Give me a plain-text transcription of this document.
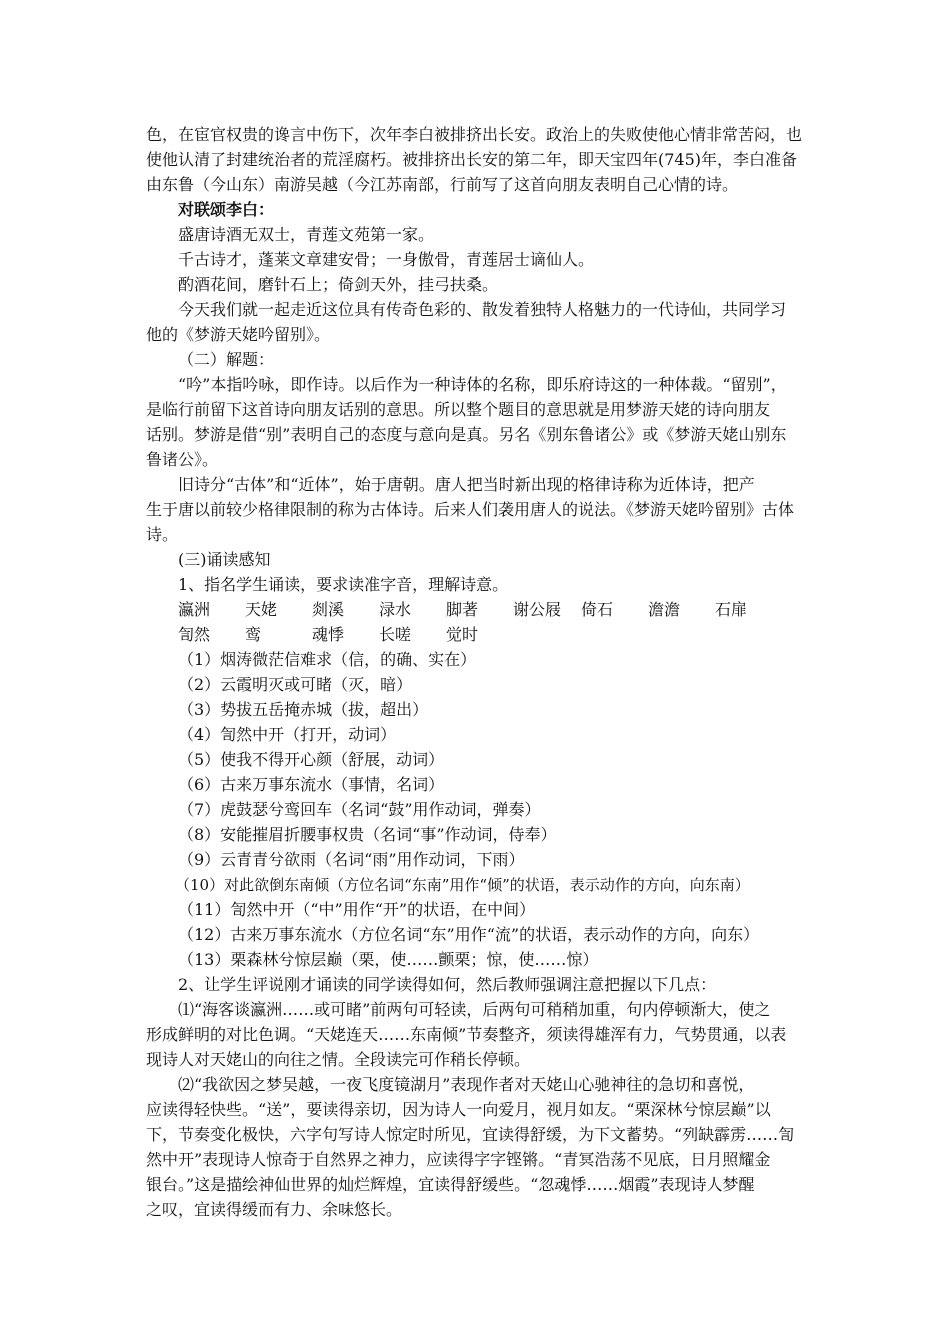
色，在宦官权贵的谗言中伤下，次年李白被排挤出长安。政治上的失败使他心情非常苦闷，也
使他认清了封建统治者的荒淫腐朽。被排挤出长安的第二年，即天宝四年(745)年，李白准备
由东鲁（今山东）南游吴越（今江苏南部，行前写了这首向朋友表明自己心情的诗。
对联颂李白：
盛唐诗酒无双士，青莲文苑第一家。
千古诗才，蓬莱文章建安骨；一身傲骨，青莲居士谪仙人。
酌酒花间，磨针石上；倚剑天外，挂弓扶桑。
今天我们就一起走近这位具有传奇色彩的、散发着独特人格魅力的一代诗仙，共同学习
他的《梦游天姥吟留别》。
（二）解题：
“吟”本指吟咏，即作诗。以后作为一种诗体的名称，即乐府诗这的一种体裁。“留别”，
是临行前留下这首诗向朋友话别的意思。所以整个题目的意思就是用梦游天姥的诗向朋友
话别。梦游是借“别”表明自己的态度与意向是真。另名《别东鲁诸公》或《梦游天姥山别东
鲁诸公》。
旧诗分“古体”和“近体”，始于唐朝。唐人把当时新出现的格律诗称为近体诗，把产
生于唐以前较少格律限制的称为古体诗。后来人们袭用唐人的说法。《梦游天姥吟留别》古体
诗。
(三)诵读感知
1、指名学生诵读，要求读准字音，理解诗意。
瀛洲 天姥 剡溪 渌水 脚著 谢公屐 倚石 澹澹 石扉
訇然 鸾	魂悸 长嗟 觉时
（1）烟涛微茫信难求（信，的确、实在）
（2）云霞明灭或可睹（灭，暗）
（3）势拔五岳掩赤城（拔，超出）
（4）訇然中开（打开，动词）
（5）使我不得开心颜（舒展，动词）
（6）古来万事东流水（事情，名词）
（7）虎鼓瑟兮鸾回车（名词“鼓”用作动词，弹奏）
（8）安能摧眉折腰事权贵（名词“事”作动词，侍奉）
（9）云青青兮欲雨（名词“雨”用作动词，下雨）
（10）对此欲倒东南倾（方位名词“东南”用作“倾”的状语，表示动作的方向，向东南）
（11）訇然中开（“中”用作“开”的状语，在中间）
（12）古来万事东流水（方位名词“东”用作“流”的状语，表示动作的方向，向东）
（13）栗森林兮惊层巅（栗，使……颤栗；惊，使……惊）
2、让学生评说刚才诵读的同学读得如何，然后教师强调注意把握以下几点：
⑴“海客谈瀛洲……或可睹”前两句可轻读，后两句可稍稍加重，句内停顿渐大，使之
形成鲜明的对比色调。“天姥连天……东南倾”节奏整齐，须读得雄浑有力，气势贯通，以表
现诗人对天姥山的向往之情。全段读完可作稍长停顿。
⑵“我欲因之梦吴越，一夜飞度镜湖月”表现作者对天姥山心驰神往的急切和喜悦，
应读得轻快些。“送”，要读得亲切，因为诗人一向爱月，视月如友。“栗深林兮惊层巅”以
下，节奏变化极快，六字句写诗人惊定时所见，宜读得舒缓，为下文蓄势。“列缺霹雳……訇
然中开”表现诗人惊奇于自然界之神力，应读得字字铿锵。“青冥浩荡不见底，日月照耀金
银台。”这是描绘神仙世界的灿烂辉煌，宜读得舒缓些。“忽魂悸……烟霞”表现诗人梦醒
之叹，宜读得缓而有力、余味悠长。
